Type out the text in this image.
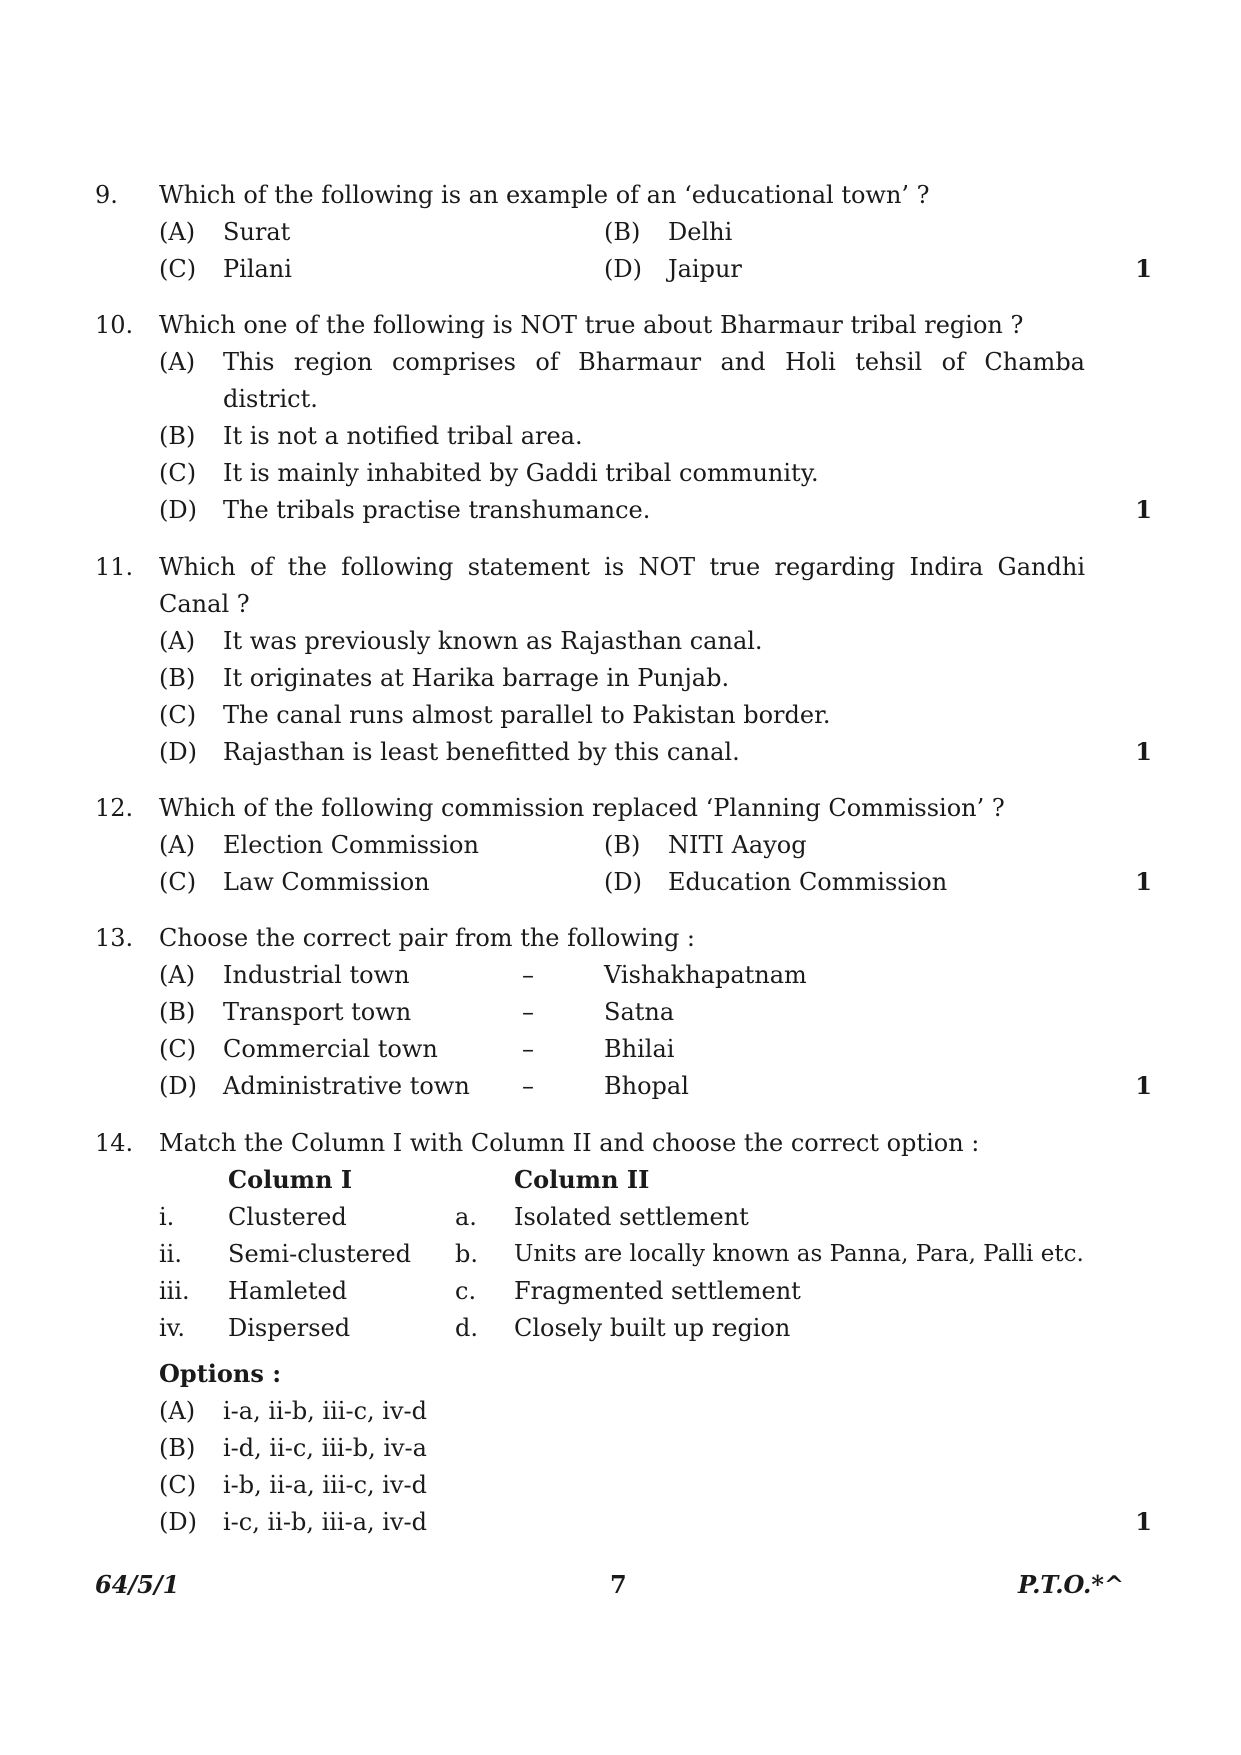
9. Which of the following is an example of an ‘educational town’ ?
(A) Surat	(B) Delhi
(C) Pilani	(D) Jaipur	1
10. Which one of the following is NOT true about Bharmaur tribal region ?
(A) This region comprises of Bharmaur and Holi tehsil of Chamba
district.
(B) It is not a notified tribal area.
(C) It is mainly inhabited by Gaddi tribal community.
(D) The tribals practise transhumance.	1
11. Which of the following statement is NOT true regarding Indira Gandhi
Canal ?
(A) It was previously known as Rajasthan canal.
(B) It originates at Harika barrage in Punjab.
(C) The canal runs almost parallel to Pakistan border.
(D) Rajasthan is least benefitted by this canal.	1
12. Which of the following commission replaced ‘Planning Commission’ ?
(A) Election Commission	(B) NITI Aayog
(C) Law Commission	(D) Education Commission	1
13. Choose the correct pair from the following :
(A) Industrial town	–	Vishakhapatnam
(B) Transport town	–	Satna
(C) Commercial town	–	Bhilai
(D) Administrative town –	Bhopal	1
14. Match the Column I with Column II and choose the correct option :
Column I	Column II
i. Clustered	a. Isolated settlement
ii. Semi-clustered b. Units are locally known as Panna, Para, Palli etc.
iii. Hamleted	c. Fragmented settlement
iv. Dispersed	d. Closely built up region
Options :
(A) i-a, ii-b, iii-c, iv-d
(B) i-d, ii-c, iii-b, iv-a
(C) i-b, ii-a, iii-c, iv-d
(D) i-c, ii-b, iii-a, iv-d	1
64/5/1	7	P.T.O.*^
